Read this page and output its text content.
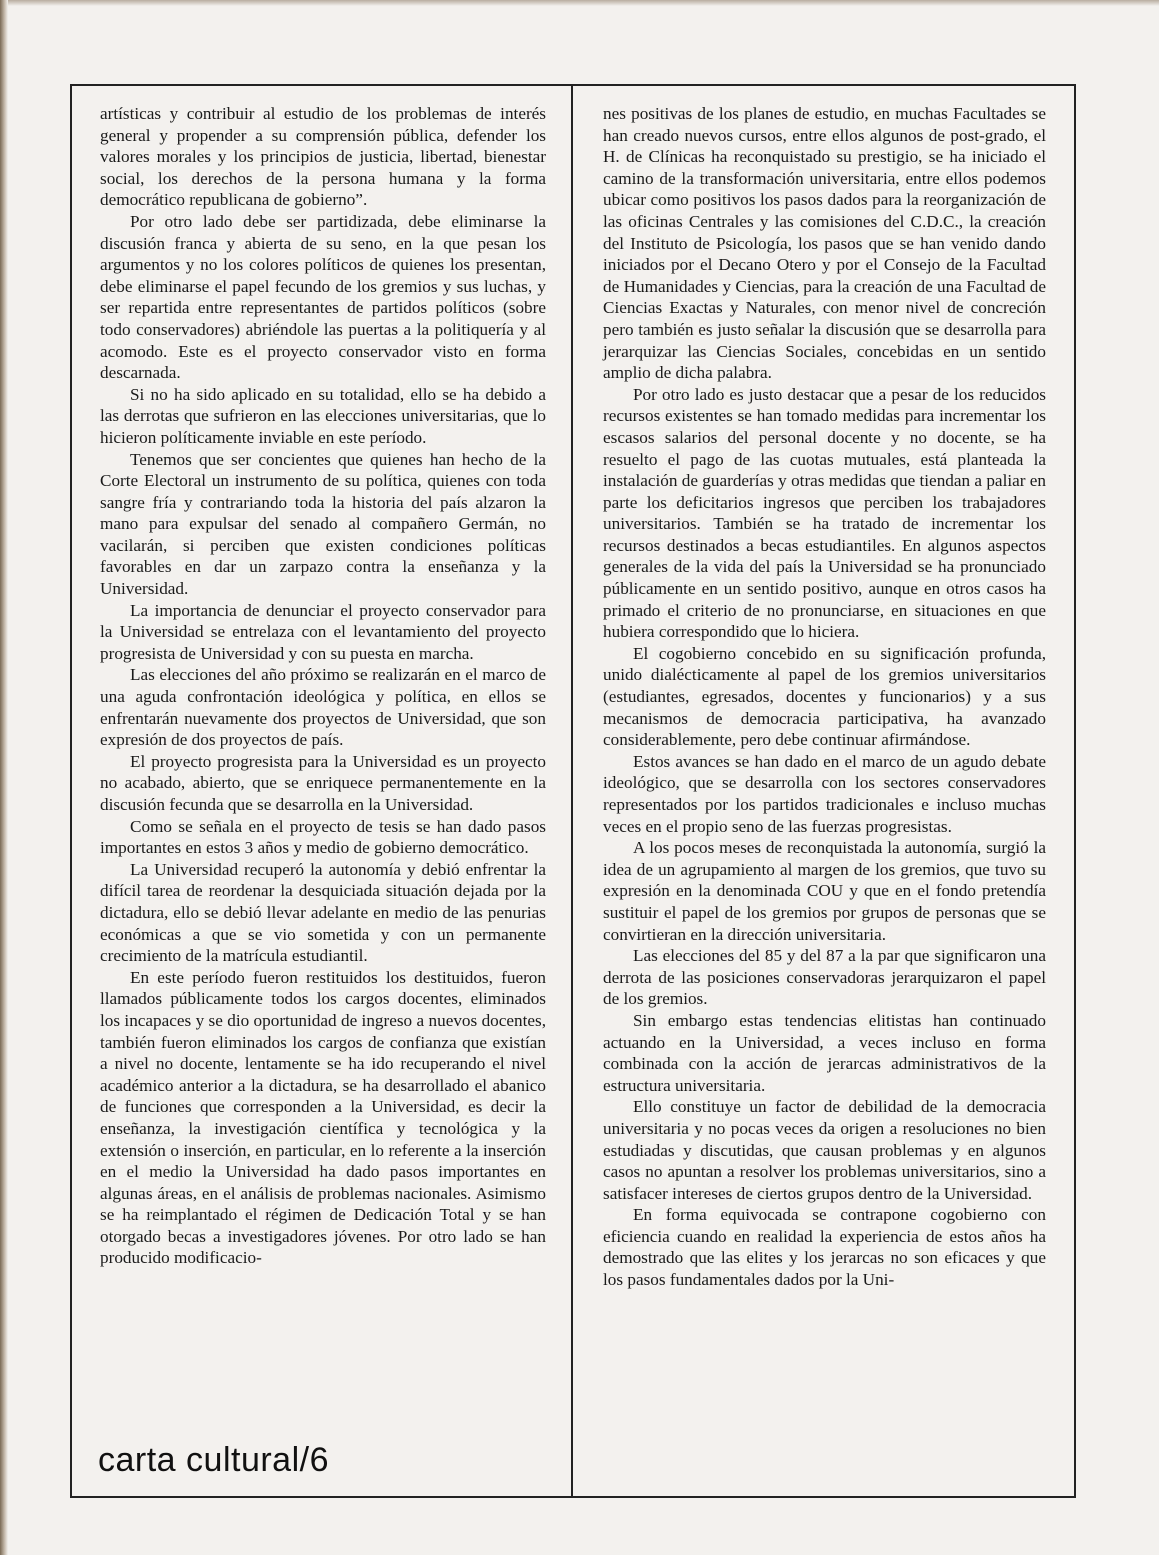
artísticas y contribuir al estudio de los problemas de interés general y propender a su comprensión pública, defender los valores morales y los principios de justicia, libertad, bienestar social, los derechos de la persona humana y la forma democrático republicana de gobierno”.

Por otro lado debe ser partidizada, debe eliminarse la discusión franca y abierta de su seno, en la que pesan los argumentos y no los colores políticos de quienes los presentan, debe eliminarse el papel fecundo de los gremios y sus luchas, y ser repartida entre representantes de partidos políticos (sobre todo conservadores) abriéndole las puertas a la politiquería y al acomodo. Este es el proyecto conservador visto en forma descarnada.

Si no ha sido aplicado en su totalidad, ello se ha debido a las derrotas que sufrieron en las elecciones universitarias, que lo hicieron políticamente inviable en este período.

Tenemos que ser concientes que quienes han hecho de la Corte Electoral un instrumento de su política, quienes con toda sangre fría y contrariando toda la historia del país alzaron la mano para expulsar del senado al compañero Germán, no vacilarán, si perciben que existen condiciones políticas favorables en dar un zarpazo contra la enseñanza y la Universidad.

La importancia de denunciar el proyecto conservador para la Universidad se entrelaza con el levantamiento del proyecto progresista de Universidad y con su puesta en marcha.

Las elecciones del año próximo se realizarán en el marco de una aguda confrontación ideológica y política, en ellos se enfrentarán nuevamente dos proyectos de Universidad, que son expresión de dos proyectos de país.

El proyecto progresista para la Universidad es un proyecto no acabado, abierto, que se enriquece permanentemente en la discusión fecunda que se desarrolla en la Universidad.

Como se señala en el proyecto de tesis se han dado pasos importantes en estos 3 años y medio de gobierno democrático.

La Universidad recuperó la autonomía y debió enfrentar la difícil tarea de reordenar la desquiciada situación dejada por la dictadura, ello se debió llevar adelante en medio de las penurias económicas a que se vio sometida y con un permanente crecimiento de la matrícula estudiantil.

En este período fueron restituidos los destituidos, fueron llamados públicamente todos los cargos docentes, eliminados los incapaces y se dio oportunidad de ingreso a nuevos docentes, también fueron eliminados los cargos de confianza que existían a nivel no docente, lentamente se ha ido recuperando el nivel académico anterior a la dictadura, se ha desarrollado el abanico de funciones que corresponden a la Universidad, es decir la enseñanza, la investigación científica y tecnológica y la extensión o inserción, en particular, en lo referente a la inserción en el medio la Universidad ha dado pasos importantes en algunas áreas, en el análisis de problemas nacionales. Asimismo se ha reimplantado el régimen de Dedicación Total y se han otorgado becas a investigadores jóvenes. Por otro lado se han producido modificacio-

nes positivas de los planes de estudio, en muchas Facultades se han creado nuevos cursos, entre ellos algunos de post-grado, el H. de Clínicas ha reconquistado su prestigio, se ha iniciado el camino de la transformación universitaria, entre ellos podemos ubicar como positivos los pasos dados para la reorganización de las oficinas Centrales y las comisiones del C.D.C., la creación del Instituto de Psicología, los pasos que se han venido dando iniciados por el Decano Otero y por el Consejo de la Facultad de Humanidades y Ciencias, para la creación de una Facultad de Ciencias Exactas y Naturales, con menor nivel de concreción pero también es justo señalar la discusión que se desarrolla para jerarquizar las Ciencias Sociales, concebidas en un sentido amplio de dicha palabra.

Por otro lado es justo destacar que a pesar de los reducidos recursos existentes se han tomado medidas para incrementar los escasos salarios del personal docente y no docente, se ha resuelto el pago de las cuotas mutuales, está planteada la instalación de guarderías y otras medidas que tiendan a paliar en parte los deficitarios ingresos que perciben los trabajadores universitarios. También se ha tratado de incrementar los recursos destinados a becas estudiantiles. En algunos aspectos generales de la vida del país la Universidad se ha pronunciado públicamente en un sentido positivo, aunque en otros casos ha primado el criterio de no pronunciarse, en situaciones en que hubiera correspondido que lo hiciera.

El cogobierno concebido en su significación profunda, unido dialécticamente al papel de los gremios universitarios (estudiantes, egresados, docentes y funcionarios) y a sus mecanismos de democracia participativa, ha avanzado considerablemente, pero debe continuar afirmándose.

Estos avances se han dado en el marco de un agudo debate ideológico, que se desarrolla con los sectores conservadores representados por los partidos tradicionales e incluso muchas veces en el propio seno de las fuerzas progresistas.

A los pocos meses de reconquistada la autonomía, surgió la idea de un agrupamiento al margen de los gremios, que tuvo su expresión en la denominada COU y que en el fondo pretendía sustituir el papel de los gremios por grupos de personas que se convirtieran en la dirección universitaria.

Las elecciones del 85 y del 87 a la par que significaron una derrota de las posiciones conservadoras jerarquizaron el papel de los gremios.

Sin embargo estas tendencias elitistas han continuado actuando en la Universidad, a veces incluso en forma combinada con la acción de jerarcas administrativos de la estructura universitaria.

Ello constituye un factor de debilidad de la democracia universitaria y no pocas veces da origen a resoluciones no bien estudiadas y discutidas, que causan problemas y en algunos casos no apuntan a resolver los problemas universitarios, sino a satisfacer intereses de ciertos grupos dentro de la Universidad.

En forma equivocada se contrapone cogobierno con eficiencia cuando en realidad la experiencia de estos años ha demostrado que las elites y los jerarcas no son eficaces y que los pasos fundamentales dados por la Uni-

carta cultural/6
